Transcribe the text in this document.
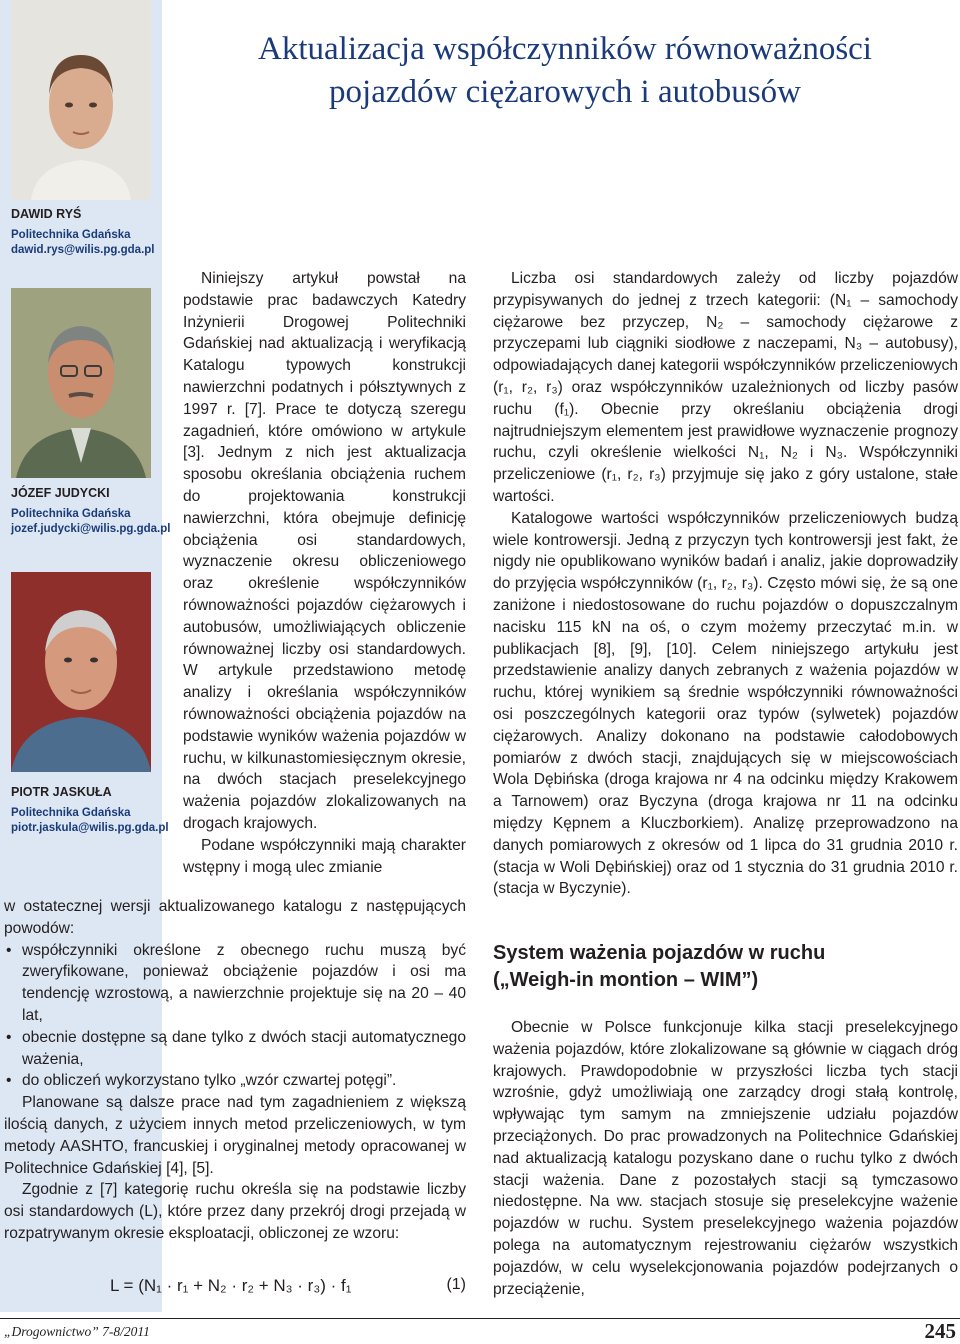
DAWID RYŚ
Politechnika Gdańska
dawid.rys@wilis.pg.gda.pl
JÓZEF JUDYCKI
Politechnika Gdańska
jozef.judycki@wilis.pg.gda.pl
PIOTR JASKUŁA
Politechnika Gdańska
piotr.jaskula@wilis.pg.gda.pl
Aktualizacja współczynników równoważności
pojazdów ciężarowych i autobusów

Niniejszy artykuł powstał na podstawie prac badawczych Katedry Inżynierii Drogowej Politechniki Gdańskiej nad aktualizacją i weryfikacją Katalogu typowych konstrukcji nawierzchni podatnych i półsztywnych z 1997 r. [7]. Prace te dotyczą szeregu zagadnień, które omówiono w artykule [3]. Jednym z nich jest aktualizacja sposobu określania obciążenia ruchem do projektowania konstrukcji nawierzchni, która obejmuje definicję obciążenia osi standardowych, wyznaczenie okresu obliczeniowego oraz określenie współczynników równoważności pojazdów ciężarowych i autobusów, umożliwiających obliczenie równoważnej liczby osi standardowych. W artykule przedstawiono metodę analizy i określania współczynników równoważności obciążenia pojazdów na podstawie wyników ważenia pojazdów w ruchu, w kilkunastomiesięcznym okresie, na dwóch stacjach preselekcyjnego ważenia pojazdów zlokalizowanych na drogach krajowych.

Podane współczynniki mają charakter wstępny i mogą ulec zmianie

w ostatecznej wersji aktualizowanego katalogu z następujących powodów:

• współczynniki określone z obecnego ruchu muszą być zweryfikowane, ponieważ obciążenie pojazdów i osi ma tendencję wzrostową, a nawierzchnie projektuje się na 20 – 40 lat,
• obecnie dostępne są dane tylko z dwóch stacji automatycznego ważenia,
• do obliczeń wykorzystano tylko „wzór czwartej potęgi”.

Planowane są dalsze prace nad tym zagadnieniem z większą ilością danych, z użyciem innych metod przeliczeniowych, w tym metody AASHTO, francuskiej i oryginalnej metody opracowanej w Politechnice Gdańskiej [4], [5].

Zgodnie z [7] kategorię ruchu określa się na podstawie liczby osi standardowych (L), które przez dany przekrój drogi przejadą w rozpatrywanym okresie eksploatacji, obliczonej ze wzoru:

L = (N₁ · r₁ + N₂ · r₂ + N₃ · r₃) · f₁	(1)

Liczba osi standardowych zależy od liczby pojazdów przypisywanych do jednej z trzech kategorii: (N₁ – samochody ciężarowe bez przyczep, N₂ – samochody ciężarowe z przyczepami lub ciągniki siodłowe z naczepami, N₃ – autobusy), odpowiadających danej kategorii współczynników przeliczeniowych (r₁, r₂, r₃) oraz współczynników uzależnionych od liczby pasów ruchu (f₁). Obecnie przy określaniu obciążenia drogi najtrudniejszym elementem jest prawidłowe wyznaczenie prognozy ruchu, czyli określenie wielkości N₁, N₂ i N₃. Współczynniki przeliczeniowe (r₁, r₂, r₃) przyjmuje się jako z góry ustalone, stałe wartości.

Katalogowe wartości współczynników przeliczeniowych budzą wiele kontrowersji. Jedną z przyczyn tych kontrowersji jest fakt, że nigdy nie opublikowano wyników badań i analiz, jakie doprowadziły do przyjęcia współczynników (r₁, r₂, r₃). Często mówi się, że są one zaniżone i niedostosowane do ruchu pojazdów o dopuszczalnym nacisku 115 kN na oś, o czym możemy przeczytać m.in. w publikacjach [8], [9], [10]. Celem niniejszego artykułu jest przedstawienie analizy danych zebranych z ważenia pojazdów w ruchu, której wynikiem są średnie współczynniki równoważności osi poszczególnych kategorii oraz typów (sylwetek) pojazdów ciężarowych. Analizy dokonano na podstawie całodobowych pomiarów z dwóch stacji, znajdujących się w miejscowościach Wola Dębińska (droga krajowa nr 4 na odcinku między Krakowem a Tarnowem) oraz Byczyna (droga krajowa nr 11 na odcinku między Kępnem a Kluczborkiem). Analizę przeprowadzono na danych pomiarowych z okresów od 1 lipca do 31 grudnia 2010 r. (stacja w Woli Dębińskiej) oraz od 1 stycznia do 31 grudnia 2010 r. (stacja w Byczynie).

System ważenia pojazdów w ruchu
(„Weigh-in montion – WIM”)

Obecnie w Polsce funkcjonuje kilka stacji preselekcyjnego ważenia pojazdów, które zlokalizowane są głównie w ciągach dróg krajowych. Prawdopodobnie w przyszłości liczba tych stacji wzrośnie, gdyż umożliwiają one zarządcy drogi stałą kontrolę, wpływając tym samym na zmniejszenie udziału pojazdów przeciążonych. Do prac prowadzonych na Politechnice Gdańskiej nad aktualizacją katalogu pozyskano dane o ruchu tylko z dwóch stacji ważenia. Dane z pozostałych stacji są tymczasowo niedostępne. Na ww. stacjach stosuje się preselekcyjne ważenie pojazdów w ruchu. System preselekcyjnego ważenia pojazdów polega na automatycznym rejestrowaniu ciężarów wszystkich pojazdów, w celu wyselekcjonowania pojazdów podejrzanych o przeciążenie,

„Drogownictwo” 7-8/2011	245
